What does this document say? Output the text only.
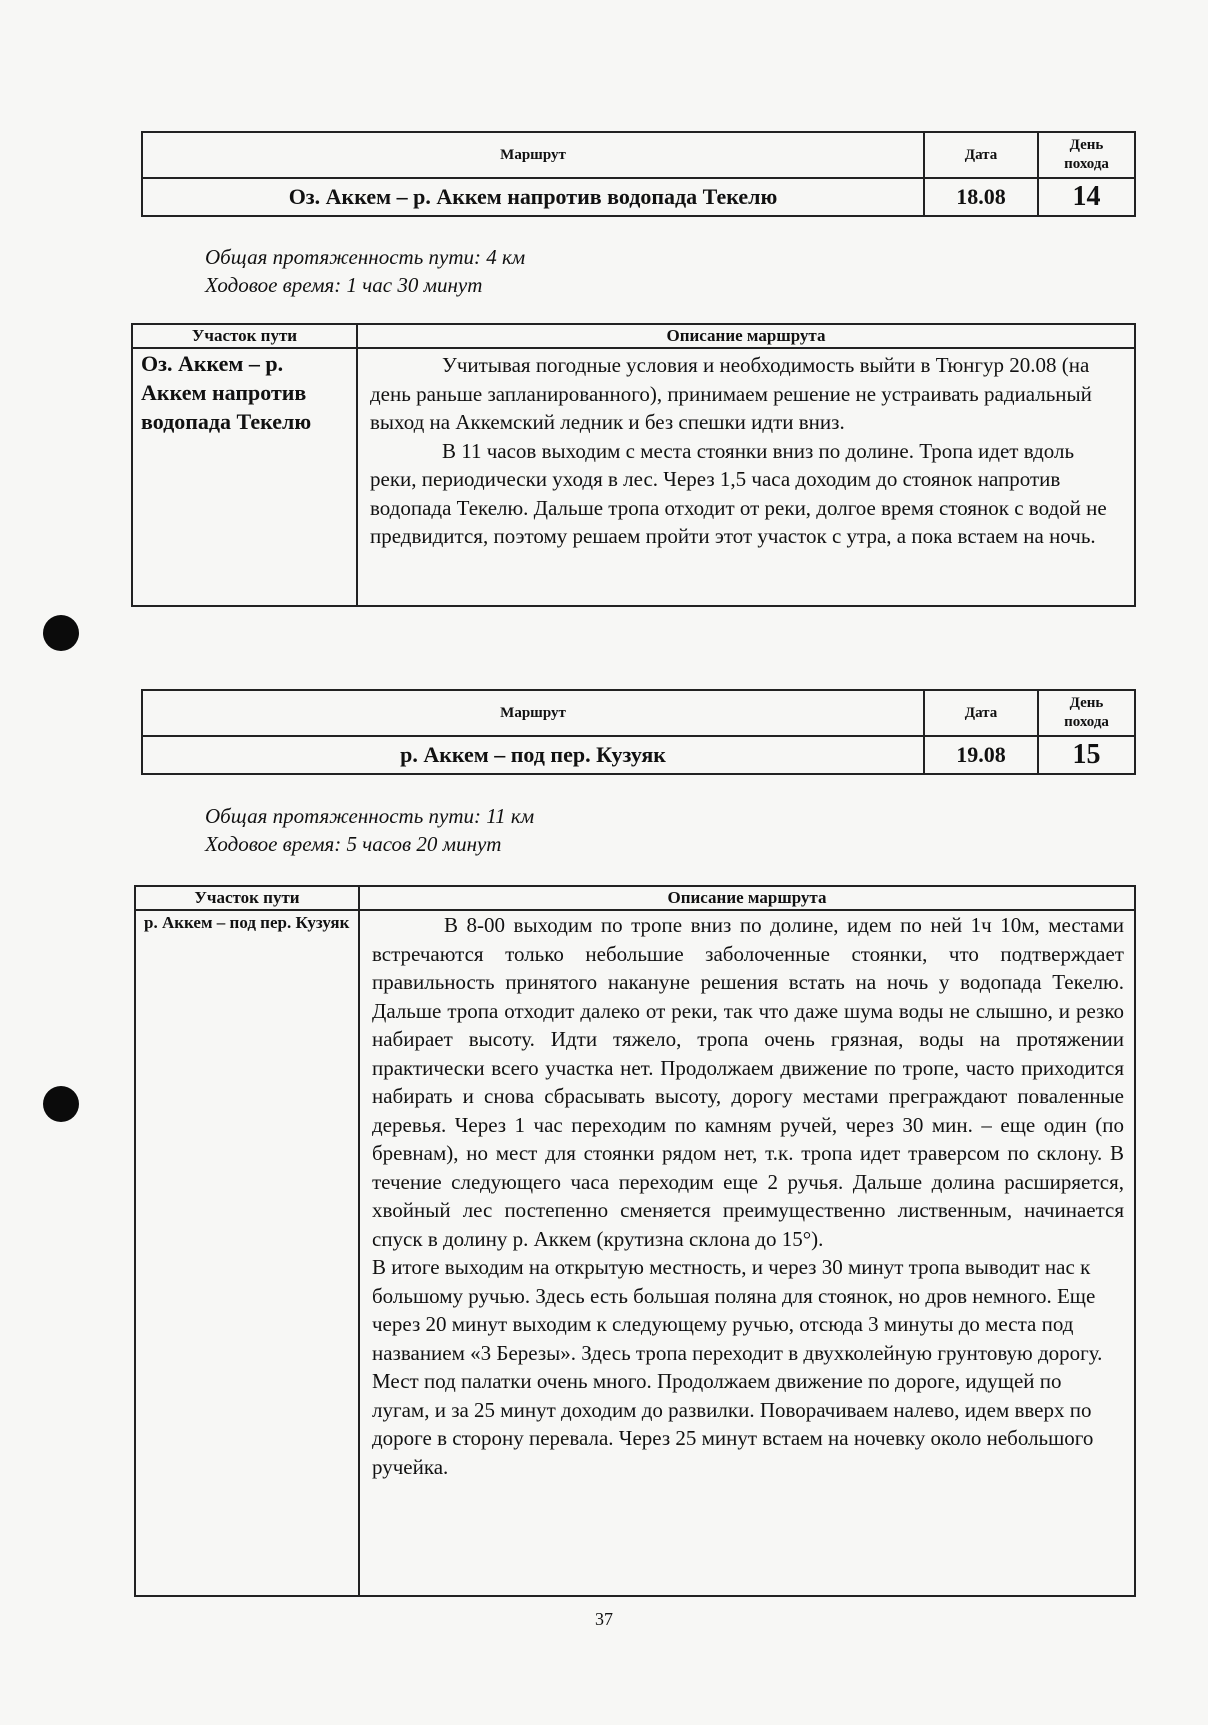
Маршрут	Дата	День
похода
Оз. Аккем – р. Аккем напротив водопада Текелю	18.08	14
Общая протяженность пути: 4 км
Ходовое время: 1 час 30 минут
Участок пути	Описание маршрута
Оз. Аккем – р. Аккем напротив водопада Текелю	Учитывая погодные условия и необходимость выйти в Тюнгур 20.08 (на день раньше запланированного), принимаем решение не устраивать радиальный выход на Аккемский ледник и без спешки идти вниз.

В 11 часов выходим с места стоянки вниз по долине. Тропа идет вдоль реки, периодически уходя в лес. Через 1,5 часа доходим до стоянок напротив водопада Текелю. Дальше тропа отходит от реки, долгое время стоянок с водой не предвидится, поэтому решаем пройти этот участок с утра, а пока встаем на ночь.

Маршрут	Дата	День
похода
р. Аккем – под пер. Кузуяк	19.08	15
Общая протяженность пути: 11 км
Ходовое время: 5 часов 20 минут
Участок пути	Описание маршрута
р. Аккем – под пер. Кузуяк	В 8-00 выходим по тропе вниз по долине, идем по ней 1ч 10м, местами встречаются только небольшие заболоченные стоянки, что подтверждает правильность принятого накануне решения встать на ночь у водопада Текелю. Дальше тропа отходит далеко от реки, так что даже шума воды не слышно, и резко набирает высоту. Идти тяжело, тропа очень грязная, воды на протяжении практически всего участка нет. Продолжаем движение по тропе, часто приходится набирать и снова сбрасывать высоту, дорогу местами преграждают поваленные деревья. Через 1 час переходим по камням ручей, через 30 мин. – еще один (по бревнам), но мест для стоянки рядом нет, т.к. тропа идет траверсом по склону. В течение следующего часа переходим еще 2 ручья. Дальше долина расширяется, хвойный лес постепенно сменяется преимущественно лиственным, начинается спуск в долину р. Аккем (крутизна склона до 15°).

В итоге выходим на открытую местность, и через 30 минут тропа выводит нас к большому ручью. Здесь есть большая поляна для стоянок, но дров немного. Еще через 20 минут выходим к следующему ручью, отсюда 3 минуты до места под названием «3 Березы». Здесь тропа переходит в двухколейную грунтовую дорогу. Мест под палатки очень много. Продолжаем движение по дороге, идущей по лугам, и за 25 минут доходим до развилки. Поворачиваем налево, идем вверх по дороге в сторону перевала. Через 25 минут встаем на ночевку около небольшого ручейка.

37
